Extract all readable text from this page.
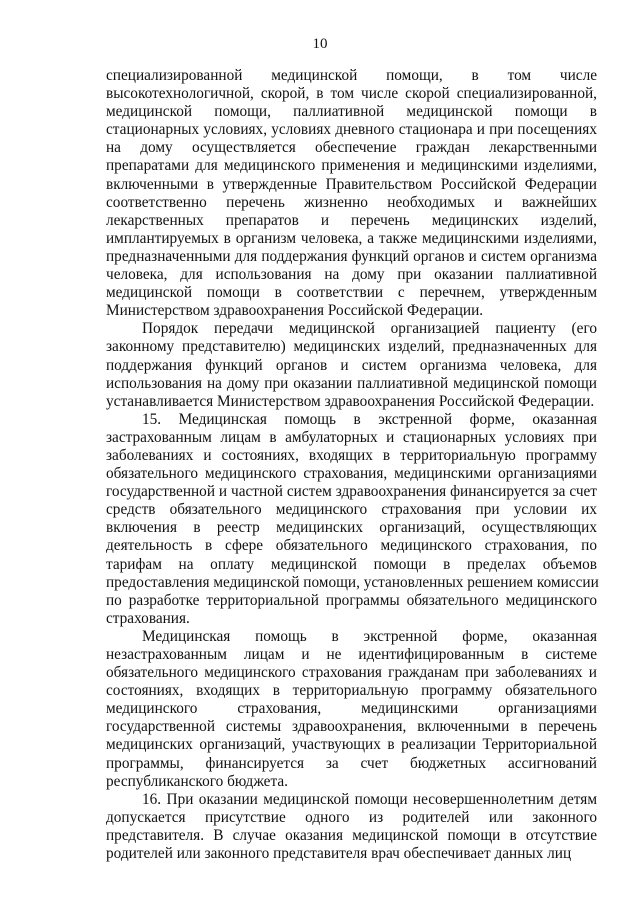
10
специализированной медицинской помощи, в том числе
высокотехнологичной, скорой, в том числе скорой специализированной,
медицинской помощи, паллиативной медицинской помощи в
стационарных условиях, условиях дневного стационара и при посещениях
на дому осуществляется обеспечение граждан лекарственными
препаратами для медицинского применения и медицинскими изделиями,
включенными в утвержденные Правительством Российской Федерации
соответственно перечень жизненно необходимых и важнейших
лекарственных препаратов и перечень медицинских изделий,
имплантируемых в организм человека, а также медицинскими изделиями,
предназначенными для поддержания функций органов и систем организма
человека, для использования на дому при оказании паллиативной
медицинской помощи в соответствии с перечнем, утвержденным
Министерством здравоохранения Российской Федерации.
Порядок передачи медицинской организацией пациенту (его
законному представителю) медицинских изделий, предназначенных для
поддержания функций органов и систем организма человека, для
использования на дому при оказании паллиативной медицинской помощи
устанавливается Министерством здравоохранения Российской Федерации.
15. Медицинская помощь в экстренной форме, оказанная
застрахованным лицам в амбулаторных и стационарных условиях при
заболеваниях и состояниях, входящих в территориальную программу
обязательного медицинского страхования, медицинскими организациями
государственной и частной систем здравоохранения финансируется за счет
средств обязательного медицинского страхования при условии их
включения в реестр медицинских организаций, осуществляющих
деятельность в сфере обязательного медицинского страхования, по
тарифам на оплату медицинской помощи в пределах объемов
предоставления медицинской помощи, установленных решением комиссии
по разработке территориальной программы обязательного медицинского
страхования.
Медицинская помощь в экстренной форме, оказанная
незастрахованным лицам и не идентифицированным в системе
обязательного медицинского страхования гражданам при заболеваниях и
состояниях, входящих в территориальную программу обязательного
медицинского страхования, медицинскими организациями
государственной системы здравоохранения, включенными в перечень
медицинских организаций, участвующих в реализации Территориальной
программы, финансируется за счет бюджетных ассигнований
республиканского бюджета.
16. При оказании медицинской помощи несовершеннолетним детям
допускается присутствие одного из родителей или законного
представителя. В случае оказания медицинской помощи в отсутствие
родителей или законного представителя врач обеспечивает данных лиц
